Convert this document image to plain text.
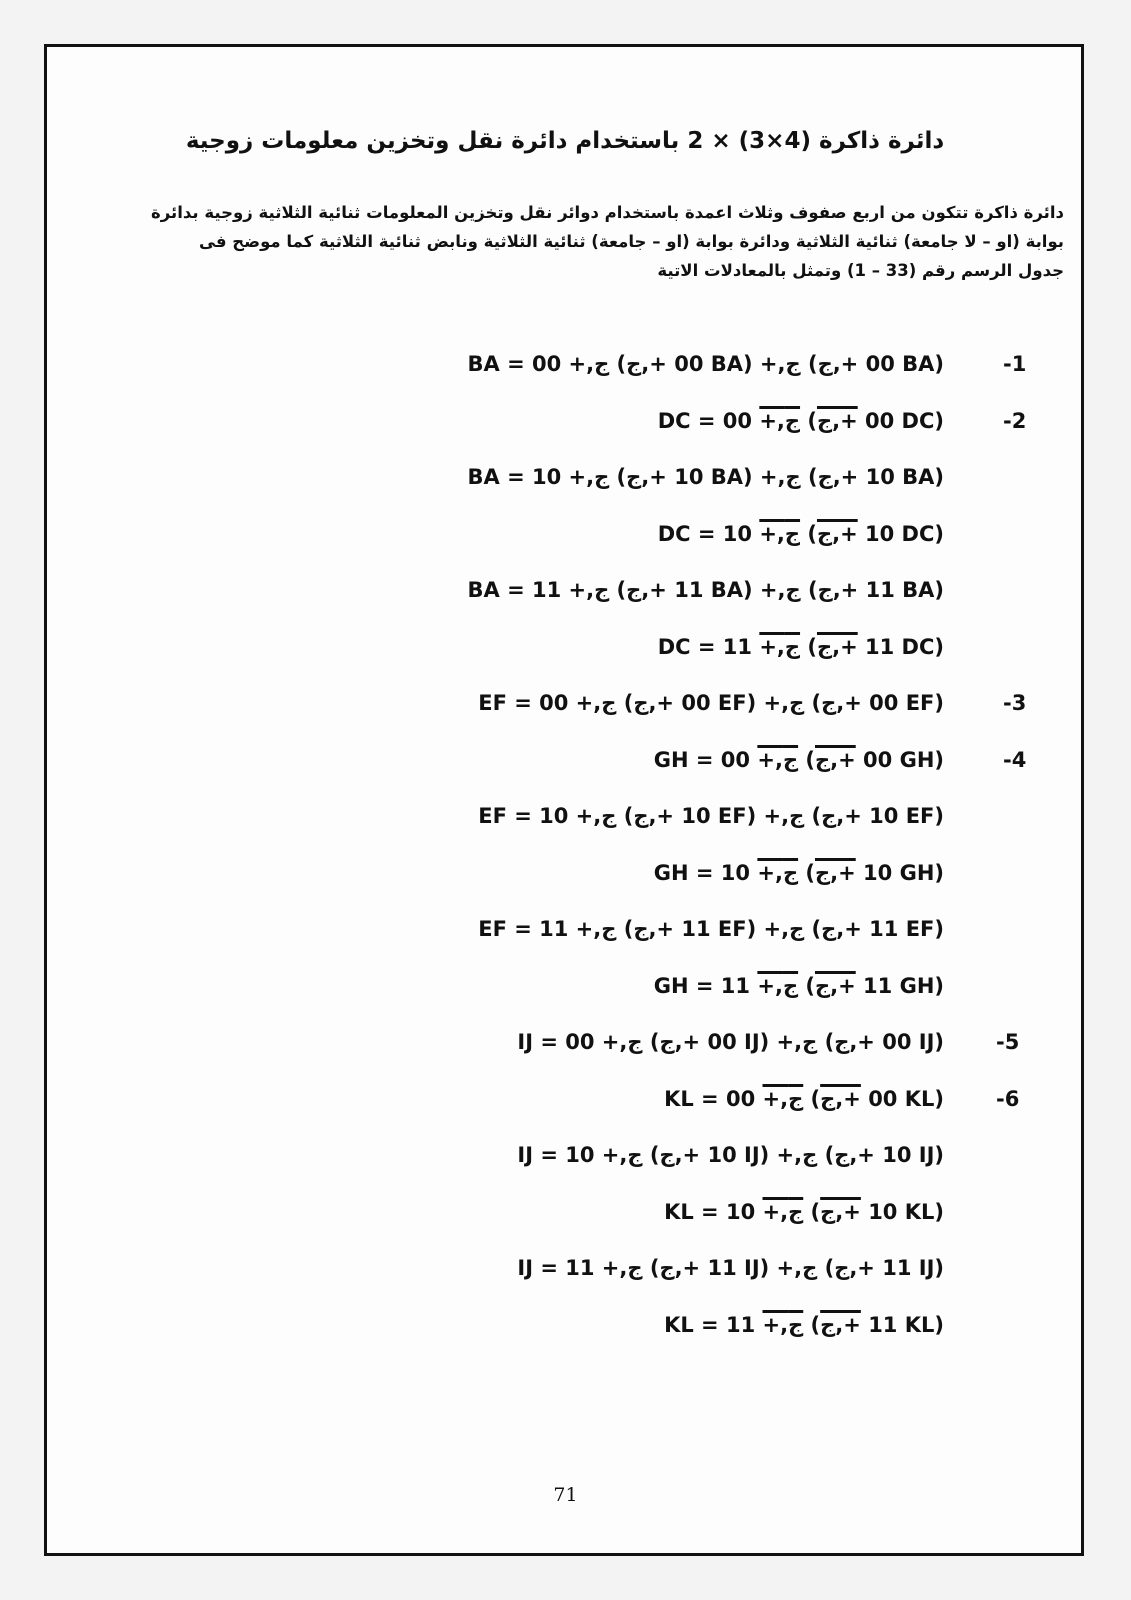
دائرة ذاكرة (4×3) × 2 باستخدام دائرة نقل وتخزين معلومات زوجية

دائرة ذاكرة تتكون من اربع صفوف وثلاث اعمدة باستخدام دوائر نقل وتخزين المعلومات ثنائية الثلاثية زوجية بدائرة
بوابة (او – لا جامعة) ثنائية الثلاثية ودائرة بوابة (او – جامعة) ثنائية الثلاثية ونابض ثنائية الثلاثية كما موضح فى
جدول الرسم رقم (33 – 1) وتمثل بالمعادلات الاتية

BA = 00 +,ج (00 +,ج BA) +,ج (00 +,ج BA)	-1
DC = 00 +,ج (00 +,ج DC)	-2
BA = 10 +,ج (10 +,ج BA) +,ج (10 +,ج BA)
DC = 10 +,ج (10 +,ج DC)
BA = 11 +,ج (11 +,ج BA) +,ج (11 +,ج BA)
DC = 11 +,ج (11 +,ج DC)
EF = 00 +,ج (00 +,ج EF) +,ج (00 +,ج EF)	-3
GH = 00 +,ج (00 +,ج GH)	-4
EF = 10 +,ج (10 +,ج EF) +,ج (10 +,ج EF)
GH = 10 +,ج (10 +,ج GH)
EF = 11 +,ج (11 +,ج EF) +,ج (11 +,ج EF)
GH = 11 +,ج (11 +,ج GH)
IJ = 00 +,ج (00 +,ج IJ) +,ج (00 +,ج IJ) -5
KL = 00 +,ج (00 +,ج KL) -6
IJ = 10 +,ج (10 +,ج IJ) +,ج (10 +,ج IJ)
KL = 10 +,ج (10 +,ج KL)
IJ = 11 +,ج (11 +,ج IJ) +,ج (11 +,ج IJ)
KL = 11 +,ج (11 +,ج KL)
71
